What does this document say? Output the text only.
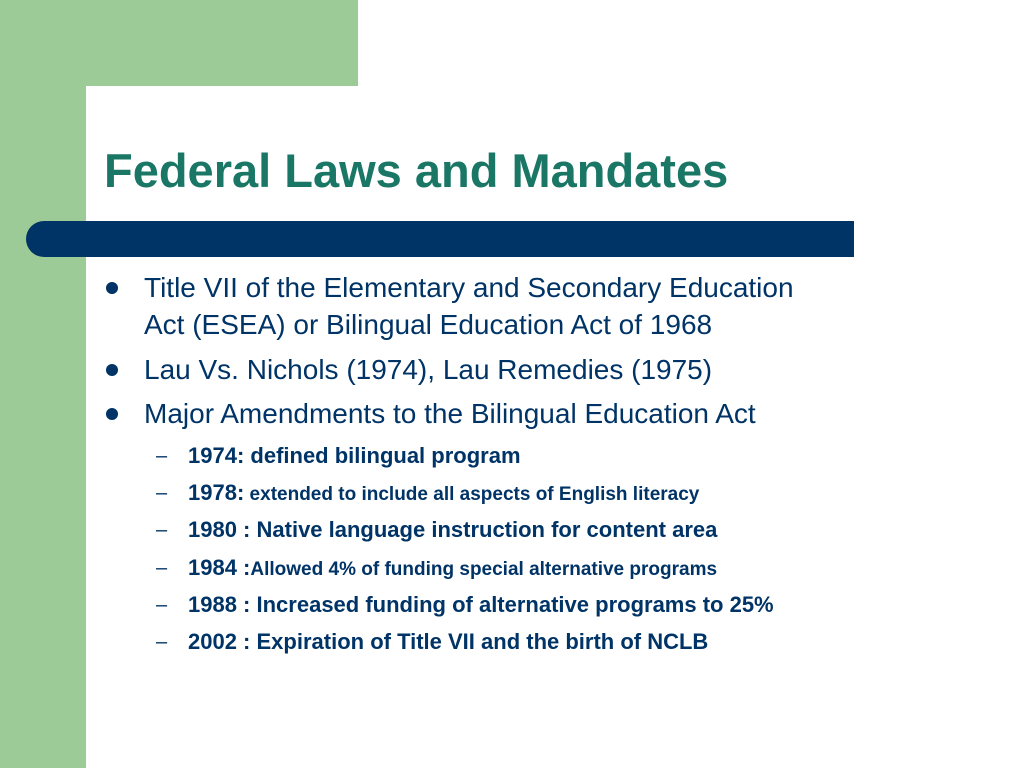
Federal Laws and Mandates
Title VII of the Elementary and Secondary Education
Act (ESEA) or Bilingual Education Act of 1968
Lau Vs. Nichols (1974), Lau Remedies (1975)
Major Amendments to the Bilingual Education Act
– 1974: defined bilingual program
– 1978: extended to include all aspects of English literacy
– 1980 : Native language instruction for content area
– 1984 :Allowed 4% of funding special alternative programs
– 1988 : Increased funding of alternative programs to 25%
– 2002 : Expiration of Title VII and the birth of NCLB
